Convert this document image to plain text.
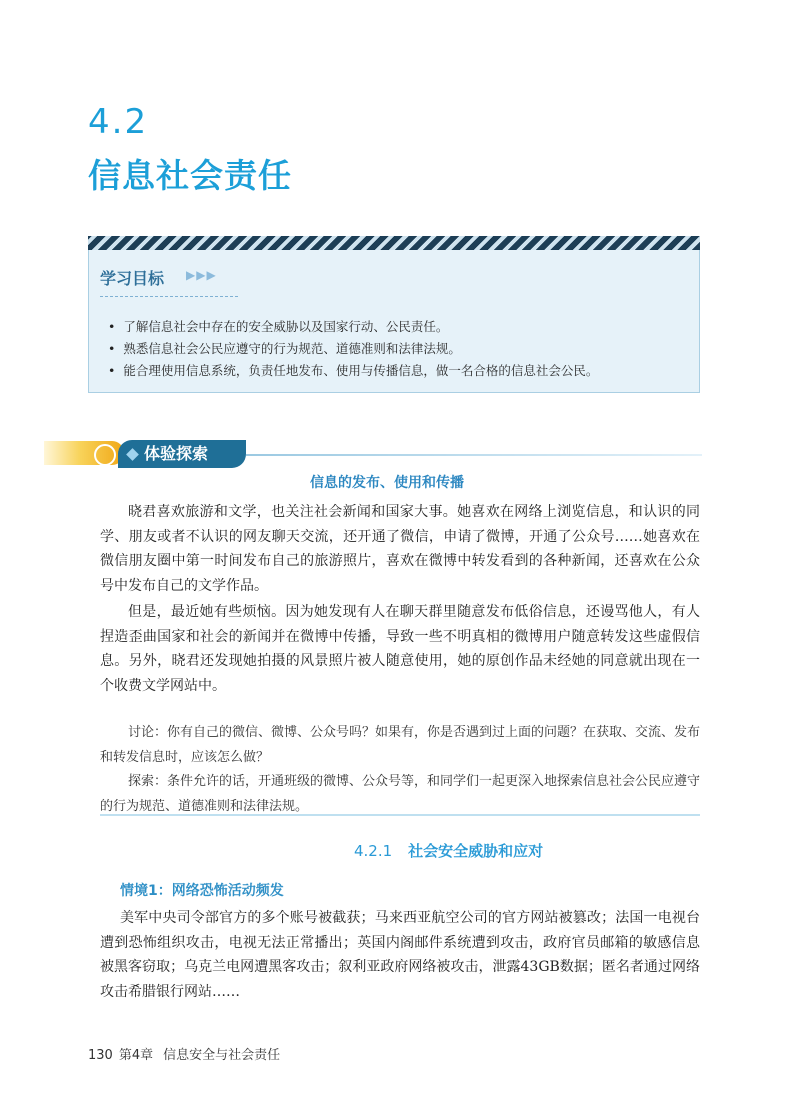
4.2
信息社会责任
学习目标 ▶▶▶
• 了解信息社会中存在的安全威胁以及国家行动、公民责任。
• 熟悉信息社会公民应遵守的行为规范、道德准则和法律法规。
• 能合理使用信息系统，负责任地发布、使用与传播信息，做一名合格的信息社会公民。
体验探索
信息的发布、使用和传播

晓君喜欢旅游和文学，也关注社会新闻和国家大事。她喜欢在网络上浏览信息，和认识的同学、朋友或者不认识的网友聊天交流，还开通了微信，申请了微博，开通了公众号……她喜欢在微信朋友圈中第一时间发布自己的旅游照片，喜欢在微博中转发看到的各种新闻，还喜欢在公众号中发布自己的文学作品。

但是，最近她有些烦恼。因为她发现有人在聊天群里随意发布低俗信息，还谩骂他人，有人捏造歪曲国家和社会的新闻并在微博中传播，导致一些不明真相的微博用户随意转发这些虚假信息。另外，晓君还发现她拍摄的风景照片被人随意使用，她的原创作品未经她的同意就出现在一个收费文学网站中。

讨论：你有自己的微信、微博、公众号吗？如果有，你是否遇到过上面的问题？在获取、交流、发布和转发信息时，应该怎么做？

探索：条件允许的话，开通班级的微博、公众号等，和同学们一起更深入地探索信息社会公民应遵守的行为规范、道德准则和法律法规。

4.2.1 社会安全威胁和应对
情境1：网络恐怖活动频发

美军中央司令部官方的多个账号被截获；马来西亚航空公司的官方网站被篡改；法国一电视台遭到恐怖组织攻击，电视无法正常播出；英国内阁邮件系统遭到攻击，政府官员邮箱的敏感信息被黑客窃取；乌克兰电网遭黑客攻击；叙利亚政府网络被攻击，泄露43GB数据；匿名者通过网络攻击希腊银行网站……

130 第4章 信息安全与社会责任
